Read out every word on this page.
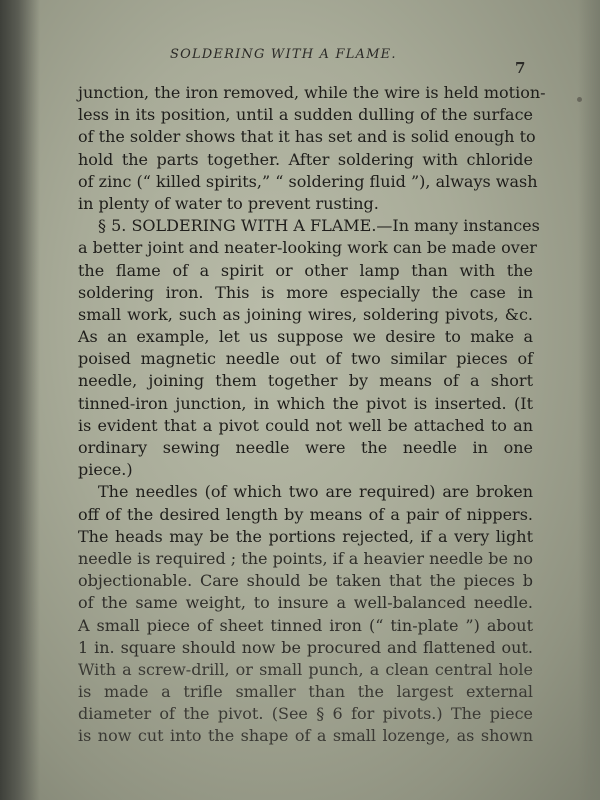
SOLDERING WITH A FLAME.
7
junction, the iron removed, while the wire is held motion-
less in its position, until a sudden dulling of the surface
of the solder shows that it has set and is solid enough to
hold the parts together. After soldering with chloride
of zinc (“ killed spirits,” “ soldering fluid ”), always wash
in plenty of water to prevent rusting.
§ 5. SOLDERING WITH A FLAME.—In many instances
a better joint and neater-looking work can be made over
the flame of a spirit or other lamp than with the
soldering iron. This is more especially the case in
small work, such as joining wires, soldering pivots, &c.
As an example, let us suppose we desire to make a
poised magnetic needle out of two similar pieces of
needle, joining them together by means of a short
tinned-iron junction, in which the pivot is inserted. (It
is evident that a pivot could not well be attached to an
ordinary sewing needle were the needle in one
piece.)
The needles (of which two are required) are broken
off of the desired length by means of a pair of nippers.
The heads may be the portions rejected, if a very light
needle is required ; the points, if a heavier needle be no
objectionable. Care should be taken that the pieces b
of the same weight, to insure a well-balanced needle.
A small piece of sheet tinned iron (“ tin-plate ”) about
1 in. square should now be procured and flattened out.
With a screw-drill, or small punch, a clean central hole
is made a trifle smaller than the largest external
diameter of the pivot. (See § 6 for pivots.) The piece
is now cut into the shape of a small lozenge, as shown
